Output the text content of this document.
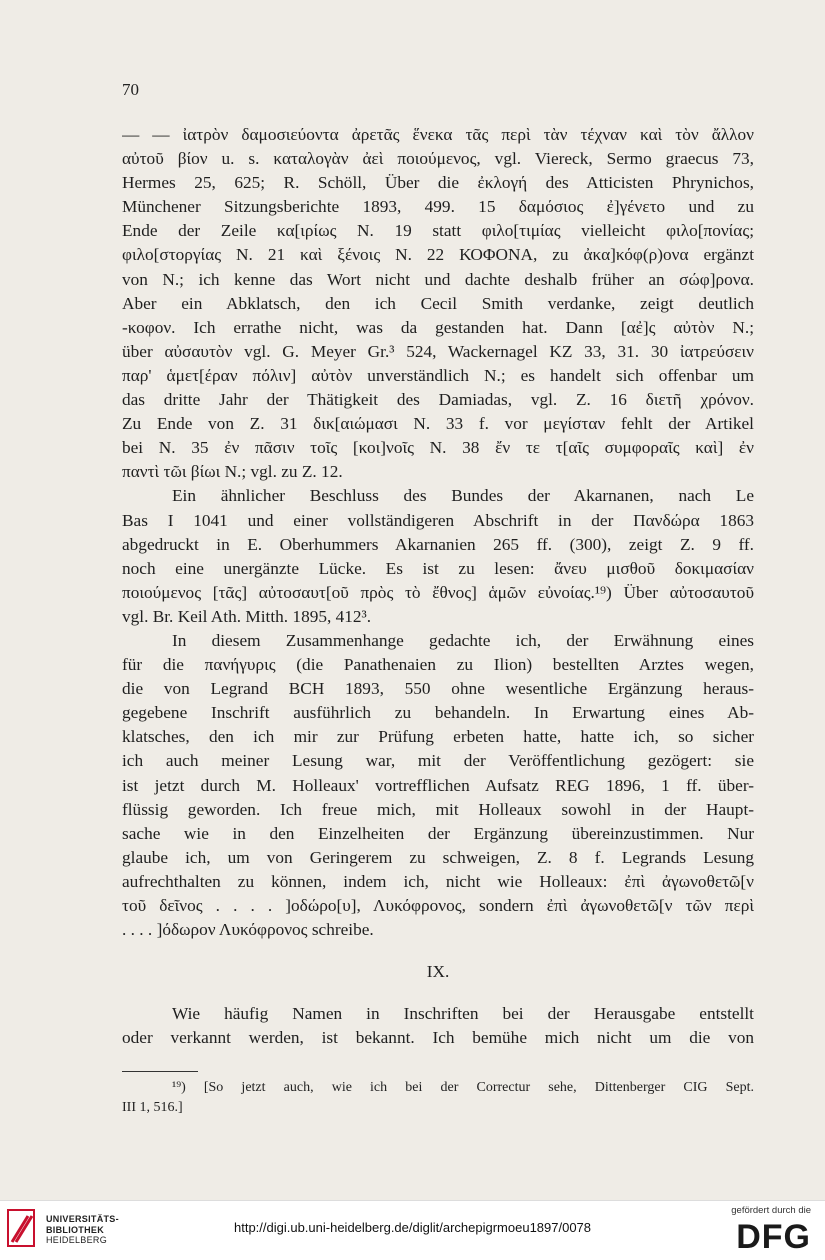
70
— — ἰατρὸν δαμοσιεύοντα ἀρετᾶς ἕνεκα τᾶς περὶ τὰν τέχναν καὶ τὸν ἄλλον
αὐτοῦ βίον u. s. καταλογὰν ἀεὶ ποιούμενος, vgl. Viereck, Sermo graecus 73,
Hermes 25, 625; R. Schöll, Über die ἐκλογή des Atticisten Phrynichos,
Münchener Sitzungsberichte 1893, 499. 15 δαμόσιος ἐ]γένετο und zu
Ende der Zeile κα[ιρίως N. 19 statt φιλο[τιμίας vielleicht φιλο[πονίας;
φιλο[στοργίας N. 21 καὶ ξένοις N. 22 ΚΟΦΟΝΑ, zu ἀκα]κόφ(ρ)ονα ergänzt
von N.; ich kenne das Wort nicht und dachte deshalb früher an σώφ]ρονα.
Aber ein Abklatsch, den ich Cecil Smith verdanke, zeigt deutlich
-κοφον. Ich errathe nicht, was da gestanden hat. Dann [αἐ]ς αὐτὸν N.;
über αὐσαυτὸν vgl. G. Meyer Gr.³ 524, Wackernagel KZ 33, 31. 30 ἰατρεύσειν
παρ' ἁμετ[έραν πόλιν] αὐτὸν unverständlich N.; es handelt sich offenbar um
das dritte Jahr der Thätigkeit des Damiadas, vgl. Z. 16 διετῆ χρόνον.
Zu Ende von Z. 31 δικ[αιώμασι N. 33 f. vor μεγίσταν fehlt der Artikel
bei N. 35 ἐν πᾶσιν τοῖς [κοι]νοῖς N. 38 ἔν τε τ[αῖς συμφοραῖς καὶ] ἐν
παντὶ τῶι βίωι N.; vgl. zu Z. 12.
Ein ähnlicher Beschluss des Bundes der Akarnanen, nach Le
Bas I 1041 und einer vollständigeren Abschrift in der Πανδώρα 1863
abgedruckt in E. Oberhummers Akarnanien 265 ff. (300), zeigt Z. 9 ff.
noch eine unergänzte Lücke. Es ist zu lesen: ἄνευ μισθοῦ δοκιμασίαν
ποιούμενος [τᾶς] αὐτοσαυτ[οῦ πρὸς τὸ ἔθνος] ἁμῶν εὐνοίας.¹⁹) Über αὐτοσαυτοῦ
vgl. Br. Keil Ath. Mitth. 1895, 412³.
In diesem Zusammenhange gedachte ich, der Erwähnung eines
für die πανήγυρις (die Panathenaien zu Ilion) bestellten Arztes wegen,
die von Legrand BCH 1893, 550 ohne wesentliche Ergänzung heraus-
gegebene Inschrift ausführlich zu behandeln. In Erwartung eines Ab-
klatsches, den ich mir zur Prüfung erbeten hatte, hatte ich, so sicher
ich auch meiner Lesung war, mit der Veröffentlichung gezögert: sie
ist jetzt durch M. Holleaux' vortrefflichen Aufsatz REG 1896, 1 ff. über-
flüssig geworden. Ich freue mich, mit Holleaux sowohl in der Haupt-
sache wie in den Einzelheiten der Ergänzung übereinzustimmen. Nur
glaube ich, um von Geringerem zu schweigen, Z. 8 f. Legrands Lesung
aufrechthalten zu können, indem ich, nicht wie Holleaux: ἐπὶ ἀγωνοθετῶ[ν
τοῦ δεῖνος . . . . ]οδώρο[υ], Λυκόφρονος, sondern ἐπὶ ἀγωνοθετῶ[ν τῶν περὶ
. . . . ]όδωρον Λυκόφρονος schreibe.
IX.
Wie häufig Namen in Inschriften bei der Herausgabe entstellt
oder verkannt werden, ist bekannt. Ich bemühe mich nicht um die von
¹⁹) [So jetzt auch, wie ich bei der Correctur sehe, Dittenberger CIG Sept.
III 1, 516.]
UNIVERSITÄTS-
BIBLIOTHEK
HEIDELBERG
http://digi.ub.uni-heidelberg.de/diglit/archepigrmoeu1897/0078
gefördert durch die
DFG
